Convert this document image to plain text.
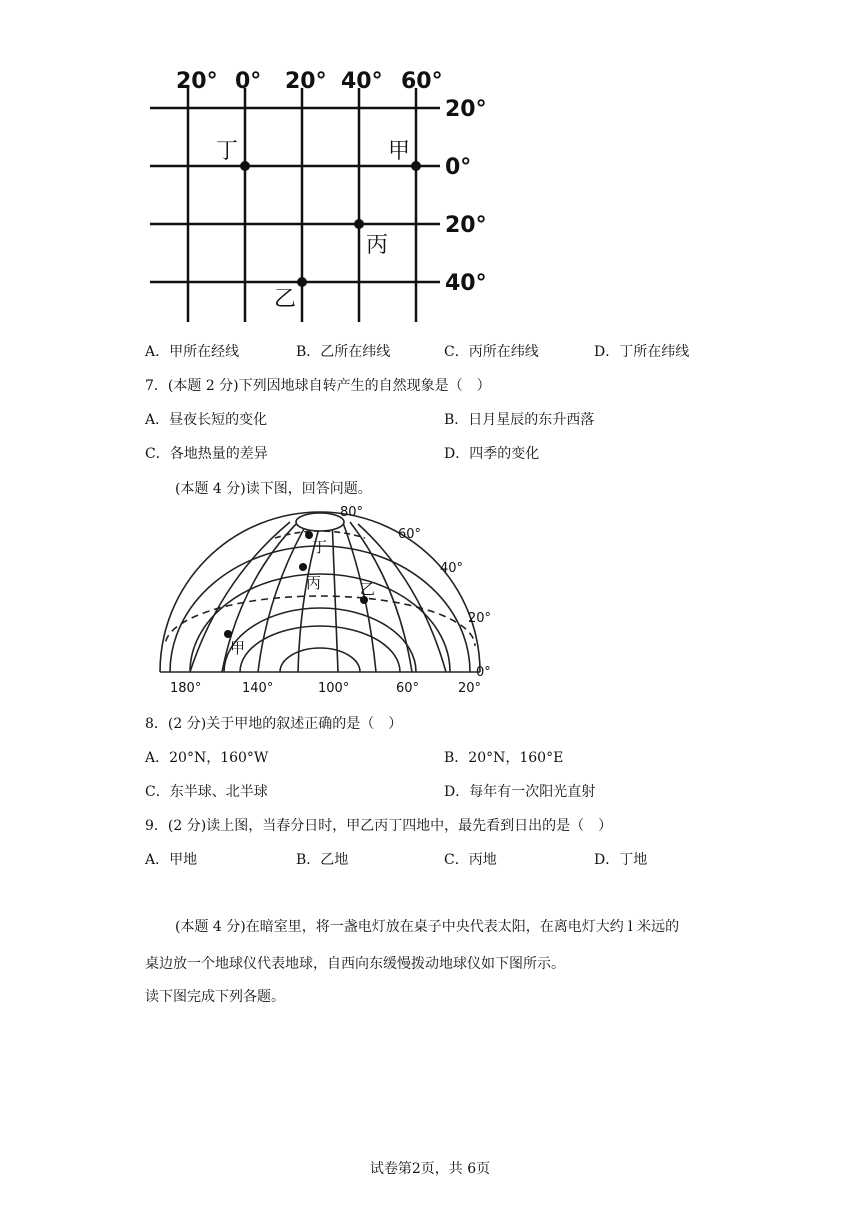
20° 0° 20° 40° 60°
20°
0°
20°
40°
丁	甲
丙
乙
A．甲所在经线	B．乙所在纬线	C．丙所在纬线	D．丁所在纬线
7．(本题 2 分)下列因地球自转产生的自然现象是（　）
A．昼夜长短的变化	B．日月星辰的东升西落
C．各地热量的差异	D．四季的变化
(本题 4 分)读下图，回答问题。
80°
60°
40°
20°
0°
180°	140°	100°	60°	20°
丁
丙	乙
甲
8．(2 分)关于甲地的叙述正确的是（　）
A．20°N，160°W	B．20°N，160°E
C．东半球、北半球	D．每年有一次阳光直射
9．(2 分)读上图，当春分日时，甲乙丙丁四地中，最先看到日出的是（　）
A．甲地	B．乙地	C．丙地	D．丁地
(本题 4 分)在暗室里，将一盏电灯放在桌子中央代表太阳，在离电灯大约 l 米远的
桌边放一个地球仪代表地球，自西向东缓慢拨动地球仪如下图所示。
读下图完成下列各题。
试卷第2页，共 6页
